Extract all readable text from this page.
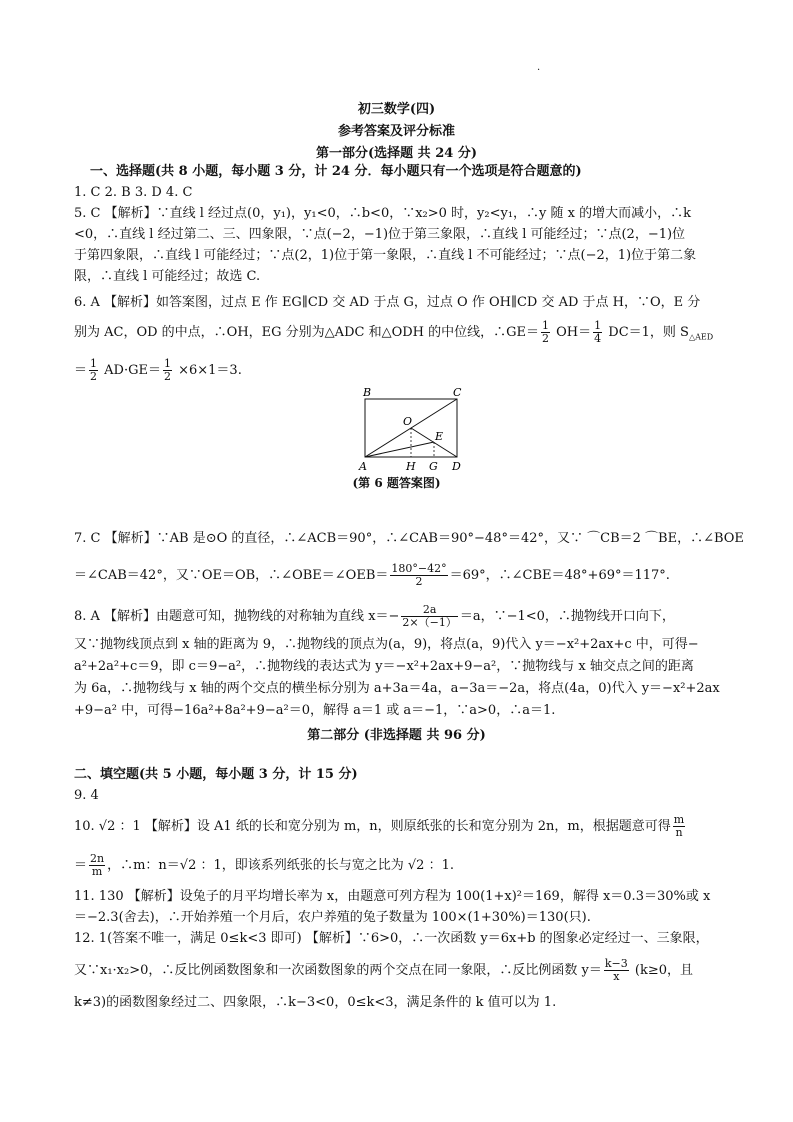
.
初三数学(四)
参考答案及评分标准
第一部分(选择题 共 24 分)
一、选择题(共 8 小题，每小题 3 分，计 24 分．每小题只有一个选项是符合题意的)
1. C 2. B 3. D 4. C
5. C 【解析】∵直线 l 经过点(0，y₁)，y₁<0，∴b<0，∵x₂>0 时，y₂<y₁，∴y 随 x 的增大而减小，∴k
<0，∴直线 l 经过第二、三、四象限，∵点(−2，−1)位于第三象限，∴直线 l 可能经过；∵点(2，−1)位
于第四象限，∴直线 l 可能经过；∵点(2，1)位于第一象限，∴直线 l 不可能经过；∵点(−2，1)位于第二象
限，∴直线 l 可能经过；故选 C.
6. A 【解析】如答案图，过点 E 作 EG∥CD 交 AD 于点 G，过点 O 作 OH∥CD 交 AD 于点 H，∵O，E 分
别为 AC，OD 的中点，∴OH，EG 分别为△ADC 和△ODH 的中位线，∴GE＝ $\frac{1}{2} OH= \frac{1}{4} DC=1$，则 $S_{\triangle AED}$
＝ $\frac{1}{2} AD\cdot GE= \frac{1}{2} \times 6\times 1=3$.
B	C
O
E
A	H G D
(第 6 题答案图)
7. C 【解析】∵AB 是⊙O 的直径，∴∠ACB＝90°，∴∠CAB＝90°−48°＝42°，又∵ ⌒CB＝2 ⌒BE，∴∠BOE
＝∠CAB＝42°，又∵OE＝OB，∴∠OBE＝∠OEB＝ $\frac{180^\circ-42^\circ}{2} =69^\circ$，∴∠CBE＝48°+69°＝117°.
8. A 【解析】由题意可知，抛物线的对称轴为直线 $x=- \frac{2a}{2\times(-1)} =a$，∵−1<0，∴抛物线开口向下，
又∵抛物线顶点到 x 轴的距离为 9，∴抛物线的顶点为(a，9)，将点(a，9)代入 y＝−x²+2ax+c 中，可得−
a²+2a²+c＝9，即 c＝9−a²，∴抛物线的表达式为 y＝−x²+2ax+9−a²，∵抛物线与 x 轴交点之间的距离
为 6a，∴抛物线与 x 轴的两个交点的横坐标分别为 a+3a＝4a，a−3a＝−2a，将点(4a，0)代入 y＝−x²+2ax
+9−a² 中，可得−16a²+8a²+9−a²＝0，解得 a＝1 或 a＝−1，∵a>0，∴a＝1.
第二部分 (非选择题 共 96 分)
二、填空题(共 5 小题，每小题 3 分，计 15 分)
9. 4
10. √2 ：1 【解析】设 A1 纸的长和宽分别为 m，n，则原纸张的长和宽分别为 2n，m，根据题意可得 $\frac{m}{n}$
＝ $\frac{2n}{m}$ ，∴m：n＝√2 ：1，即该系列纸张的长与宽之比为 √2 ：1.
11. 130 【解析】设兔子的月平均增长率为 x，由题意可列方程为 100(1+x)²＝169，解得 x＝0.3＝30%或 x
＝−2.3(舍去)，∴开始养殖一个月后，农户养殖的兔子数量为 100×(1+30%)＝130(只).
12. 1(答案不唯一，满足 0≤k<3 即可) 【解析】∵6>0，∴一次函数 y＝6x+b 的图象必定经过一、三象限，
又∵x₁·x₂>0，∴反比例函数图象和一次函数图象的两个交点在同一象限，∴反比例函数 $y= \frac{k-3}{x} (k\ge 0$，且
k≠3)的函数图象经过二、四象限，∴k−3<0，0≤k<3，满足条件的 k 值可以为 1.
